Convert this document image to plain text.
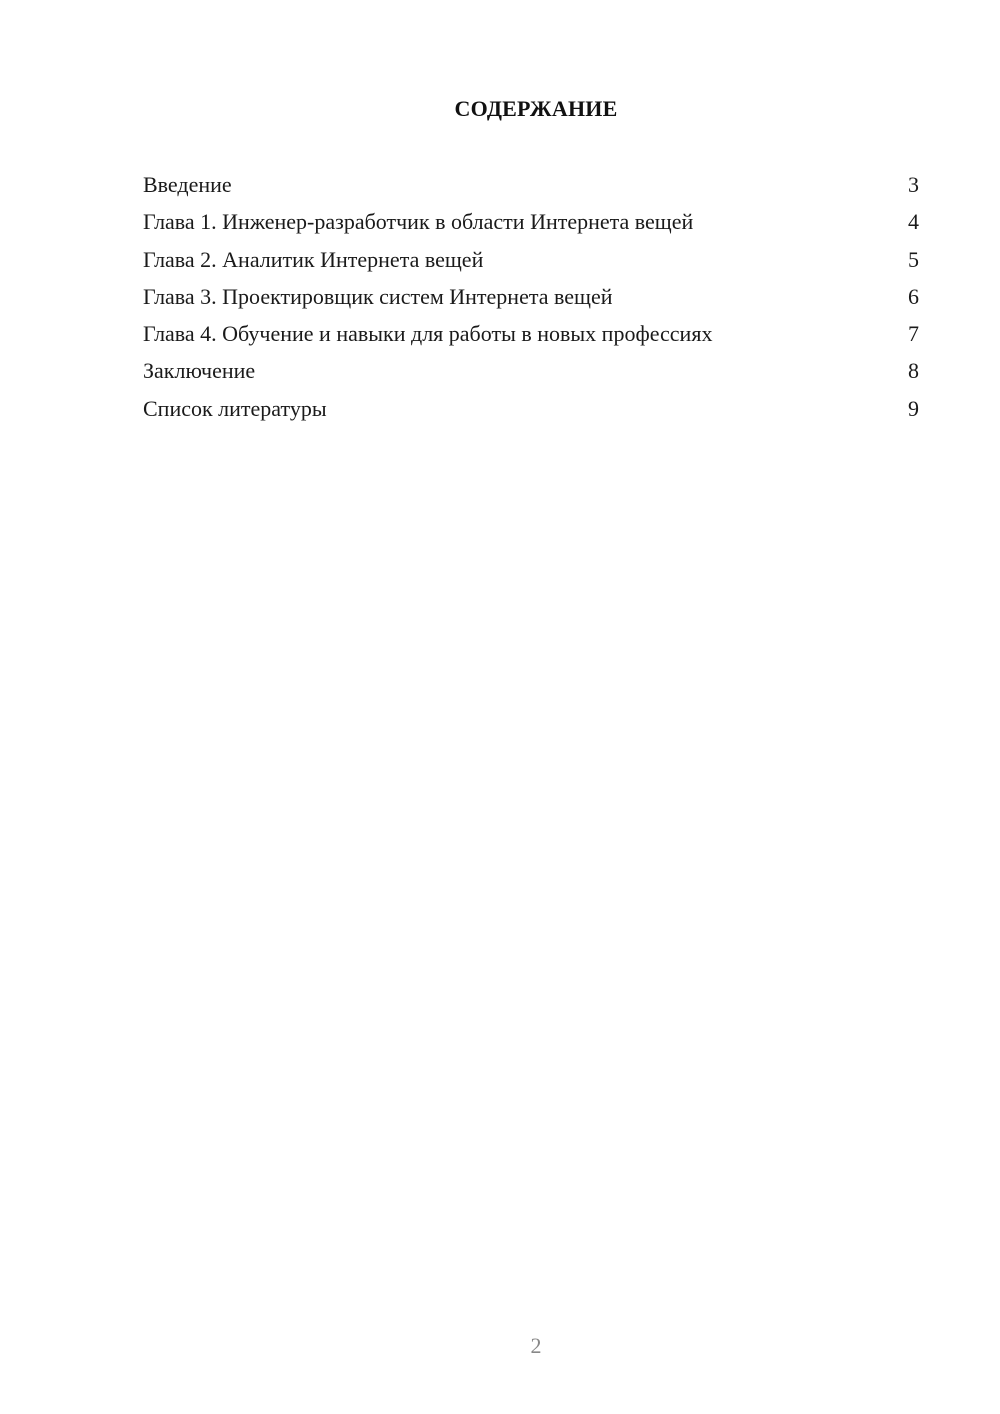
СОДЕРЖАНИЕ
Введение	3
Глава 1. Инженер-разработчик в области Интернета вещей	4
Глава 2. Аналитик Интернета вещей	5
Глава 3. Проектировщик систем Интернета вещей	6
Глава 4. Обучение и навыки для работы в новых профессиях	7
Заключение	8
Список литературы	9
2
